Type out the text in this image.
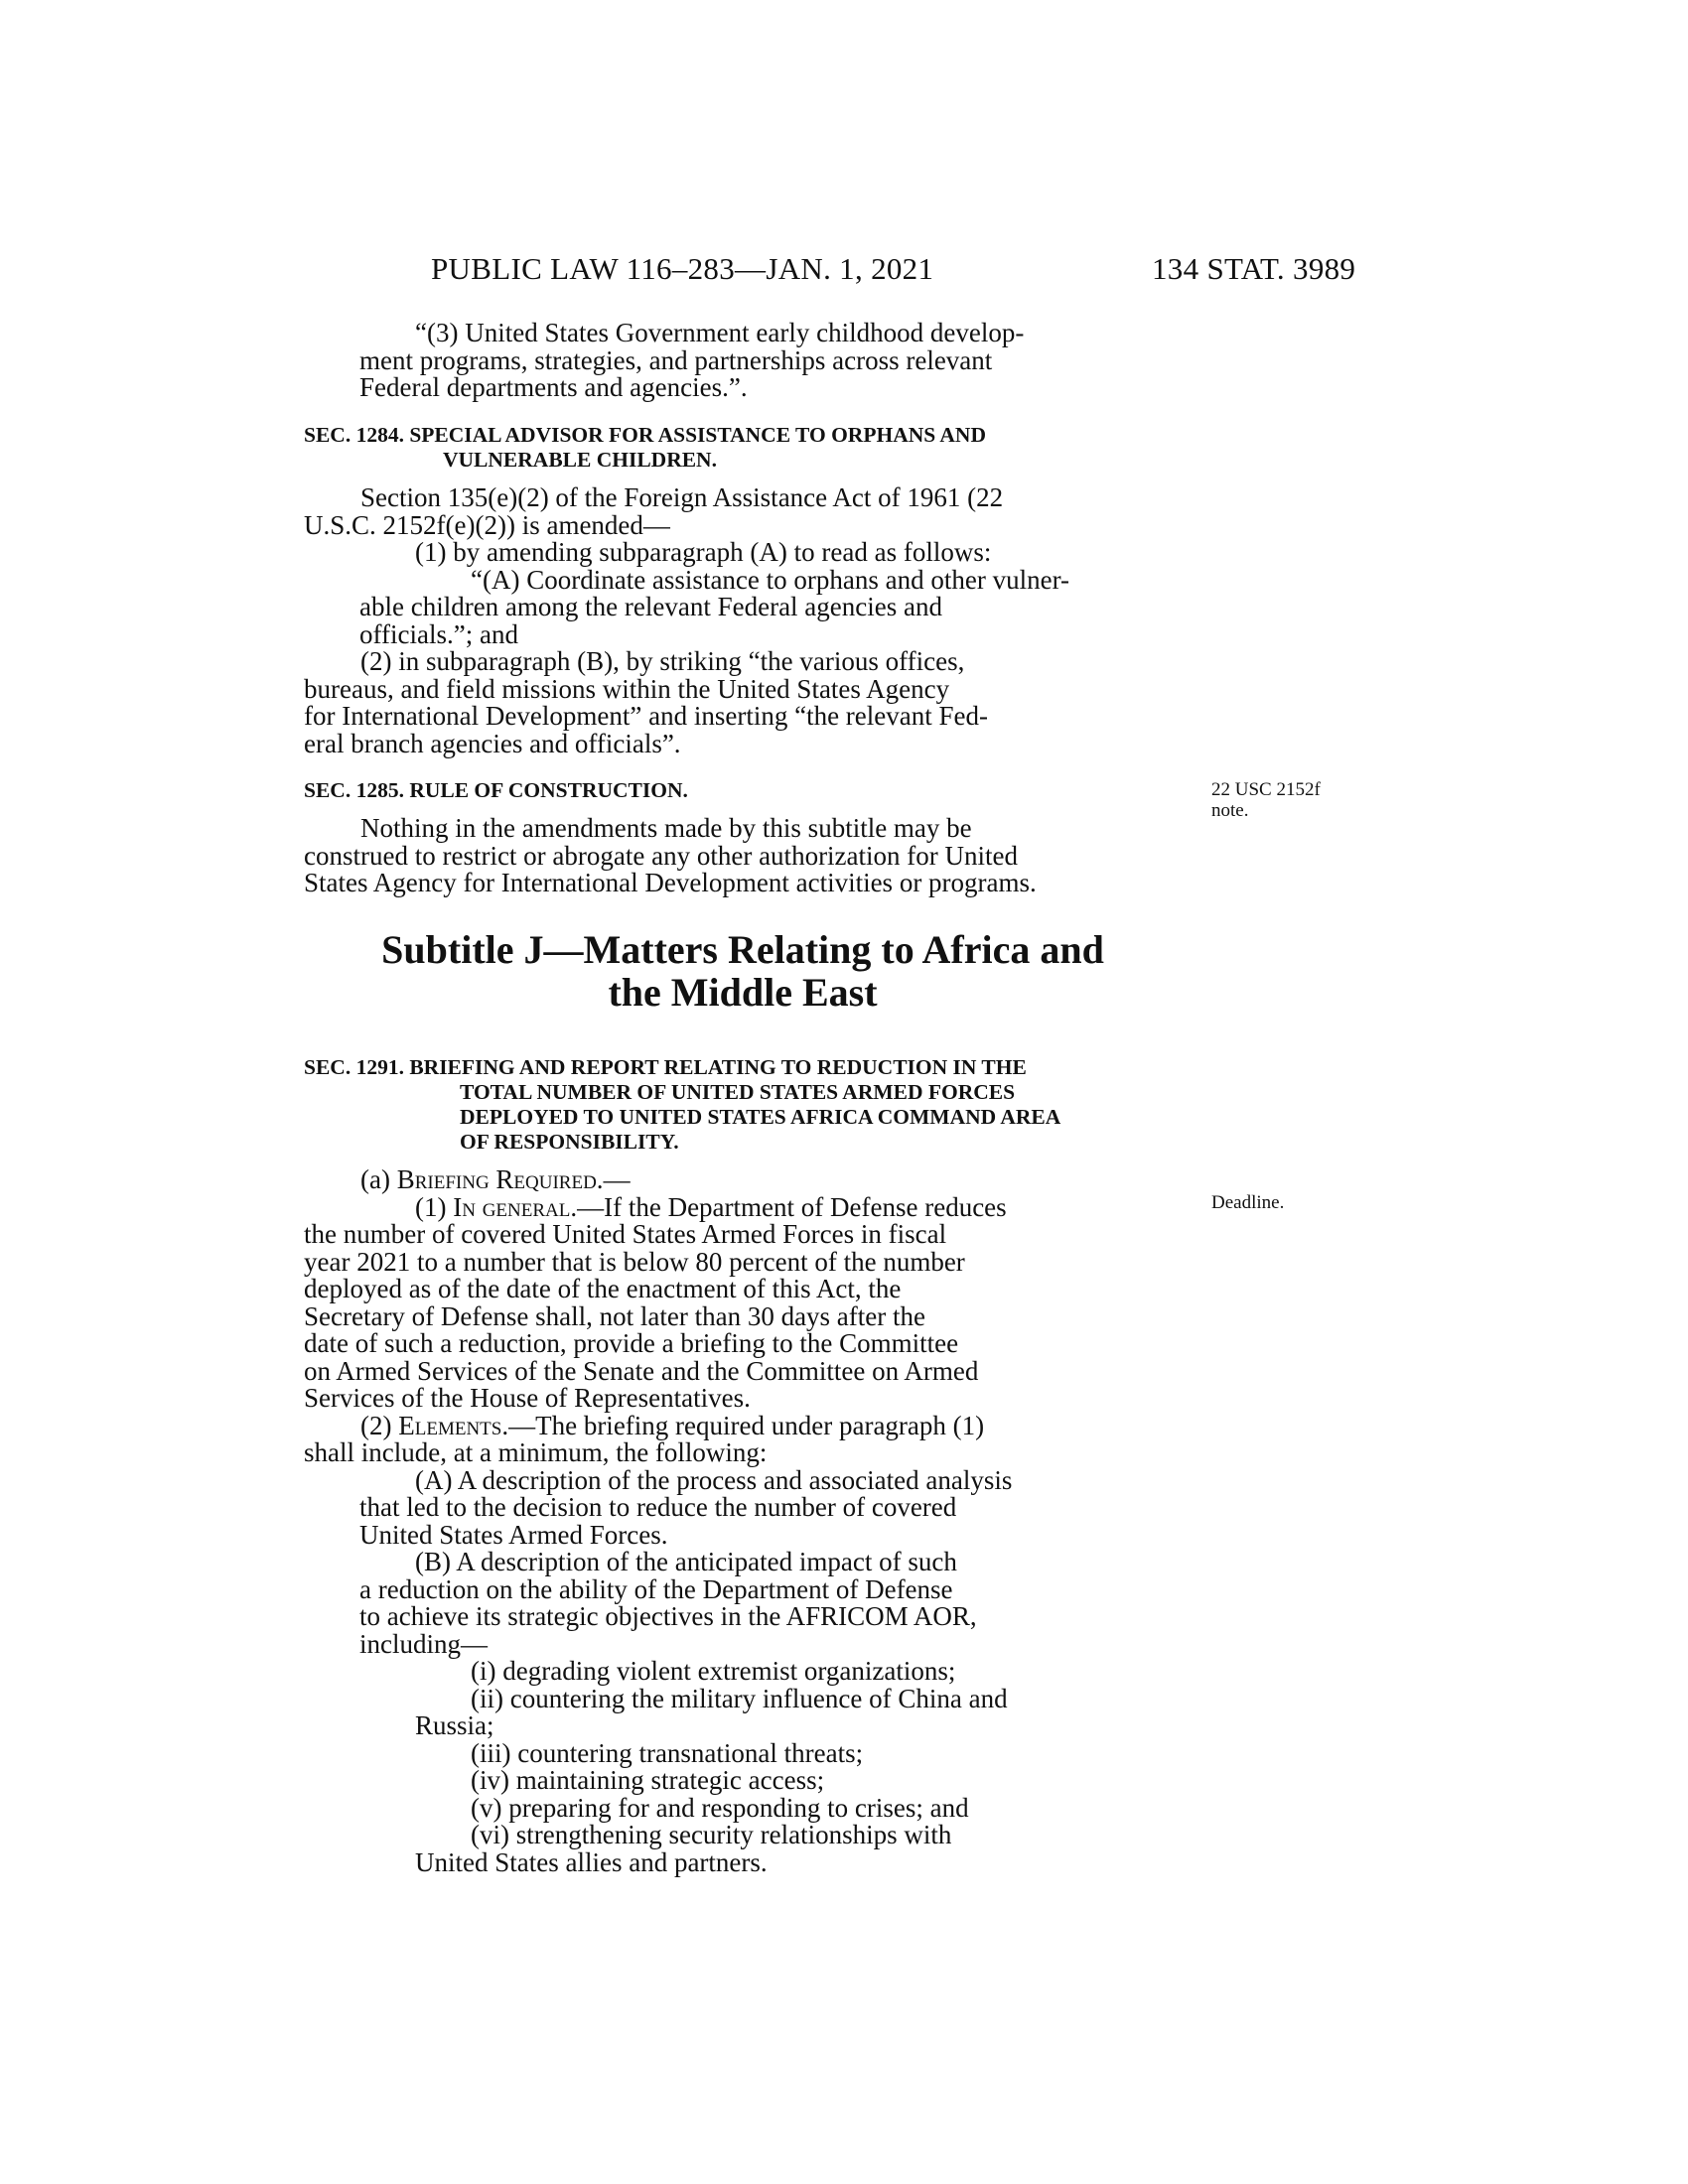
PUBLIC LAW 116–283—JAN. 1, 2021	134 STAT. 3989

“(3) United States Government early childhood develop-

ment programs, strategies, and partnerships across relevant

Federal departments and agencies.”.

SEC. 1284. SPECIAL ADVISOR FOR ASSISTANCE TO ORPHANS AND
VULNERABLE CHILDREN.

Section 135(e)(2) of the Foreign Assistance Act of 1961 (22

U.S.C. 2152f(e)(2)) is amended—

(1) by amending subparagraph (A) to read as follows:

“(A) Coordinate assistance to orphans and other vulner-

able children among the relevant Federal agencies and

officials.”; and

(2) in subparagraph (B), by striking “the various offices,

bureaus, and field missions within the United States Agency

for International Development” and inserting “the relevant Fed-

eral branch agencies and officials”.

SEC. 1285. RULE OF CONSTRUCTION.

Nothing in the amendments made by this subtitle may be

construed to restrict or abrogate any other authorization for United

States Agency for International Development activities or programs.

22 USC 2152f
note.
Subtitle J—Matters Relating to Africa and
the Middle East

SEC. 1291. BRIEFING AND REPORT RELATING TO REDUCTION IN THE
TOTAL NUMBER OF UNITED STATES ARMED FORCES
DEPLOYED TO UNITED STATES AFRICA COMMAND AREA
OF RESPONSIBILITY.

(a) Briefing Required.—

(1) In general.—If the Department of Defense reduces

the number of covered United States Armed Forces in fiscal

year 2021 to a number that is below 80 percent of the number

deployed as of the date of the enactment of this Act, the

Secretary of Defense shall, not later than 30 days after the

date of such a reduction, provide a briefing to the Committee

on Armed Services of the Senate and the Committee on Armed

Services of the House of Representatives.

(2) Elements.—The briefing required under paragraph (1)

shall include, at a minimum, the following:

(A) A description of the process and associated analysis

that led to the decision to reduce the number of covered

United States Armed Forces.

(B) A description of the anticipated impact of such

a reduction on the ability of the Department of Defense

to achieve its strategic objectives in the AFRICOM AOR,

including—

(i) degrading violent extremist organizations;

(ii) countering the military influence of China and

Russia;

(iii) countering transnational threats;

(iv) maintaining strategic access;

(v) preparing for and responding to crises; and

(vi) strengthening security relationships with

United States allies and partners.

Deadline.
